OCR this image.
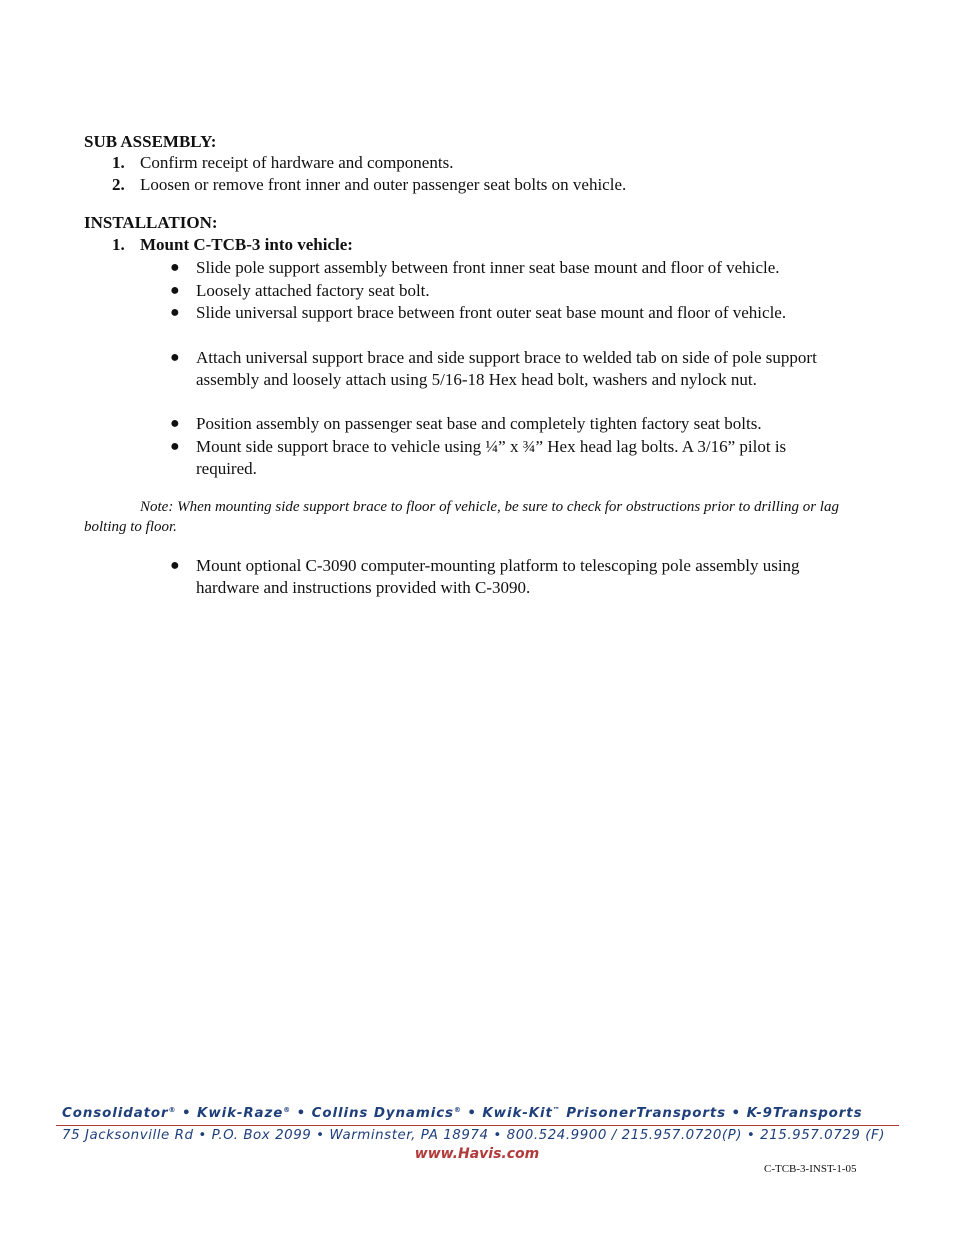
SUB ASSEMBLY:
1. Confirm receipt of hardware and components.
2. Loosen or remove front inner and outer passenger seat bolts on vehicle.
INSTALLATION:
1. Mount C-TCB-3 into vehicle:
● Slide pole support assembly between front inner seat base mount and floor of vehicle.
● Loosely attached factory seat bolt.
● Slide universal support brace between front outer seat base mount and floor of vehicle.
● Attach universal support brace and side support brace to welded tab on side of pole support assembly and loosely attach using 5/16-18 Hex head bolt, washers and nylock nut.
● Position assembly on passenger seat base and completely tighten factory seat bolts.
● Mount side support brace to vehicle using ¼” x ¾” Hex head lag bolts. A 3/16” pilot is required.
Note: When mounting side support brace to floor of vehicle, be sure to check for obstructions prior to drilling or lag bolting to floor.
● Mount optional C-3090 computer-mounting platform to telescoping pole assembly using hardware and instructions provided with C-3090.
Consolidator® • Kwik-Raze® • Collins Dynamics® • Kwik-Kit™ PrisonerTransports • K-9Transports
75 Jacksonville Rd • P.O. Box 2099 • Warminster, PA 18974 • 800.524.9900 / 215.957.0720(P) • 215.957.0729 (F)
www.Havis.com
C-TCB-3-INST-1-05
